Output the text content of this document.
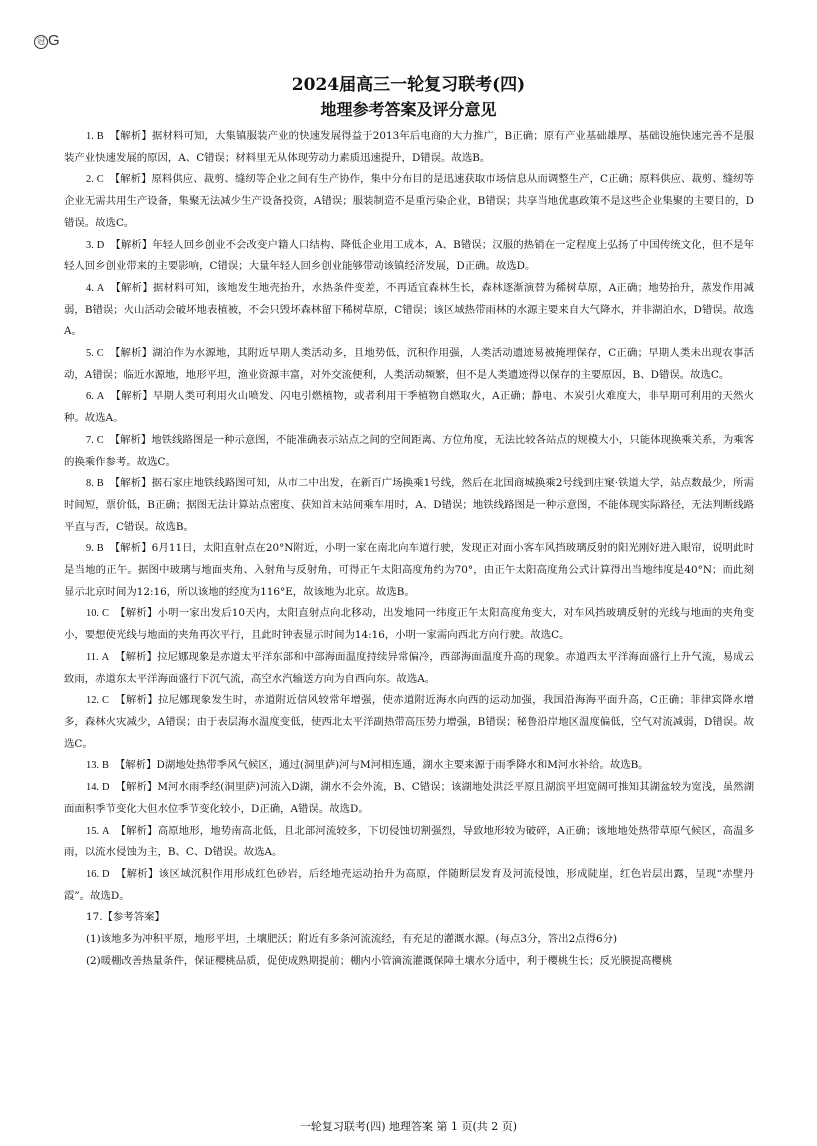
冠 G
2024届高三一轮复习联考(四)
地理参考答案及评分意见

1. B 【解析】据材料可知，大集镇服装产业的快速发展得益于2013年后电商的大力推广，B正确；原有产业基础雄厚、基础设施快速完善不是服装产业快速发展的原因，A、C错误；材料里无从体现劳动力素质迅速提升，D错误。故选B。

2. C 【解析】原料供应、裁剪、缝纫等企业之间有生产协作，集中分布目的是迅速获取市场信息从而调整生产，C正确；原料供应、裁剪、缝纫等企业无需共用生产设备，集聚无法减少生产设备投资，A错误；服装制造不是重污染企业，B错误；共享当地优惠政策不是这些企业集聚的主要目的，D错误。故选C。

3. D 【解析】年轻人回乡创业不会改变户籍人口结构、降低企业用工成本，A、B错误；汉服的热销在一定程度上弘扬了中国传统文化，但不是年轻人回乡创业带来的主要影响，C错误；大量年轻人回乡创业能够带动该镇经济发展，D正确。故选D。

4. A 【解析】据材料可知，该地发生地壳抬升，水热条件变差，不再适宜森林生长，森林逐渐演替为稀树草原，A正确；地势抬升，蒸发作用减弱，B错误；火山活动会破坏地表植被，不会只毁坏森林留下稀树草原，C错误；该区域热带雨林的水源主要来自大气降水，并非湖泊水，D错误。故选A。

5. C 【解析】湖泊作为水源地，其附近早期人类活动多，且地势低，沉积作用强，人类活动遗迹易被掩埋保存，C正确；早期人类未出现农事活动，A错误；临近水源地，地形平坦，渔业资源丰富，对外交流便利，人类活动频繁，但不是人类遗迹得以保存的主要原因，B、D错误。故选C。

6. A 【解析】早期人类可利用火山喷发、闪电引燃植物，或者利用干季植物自燃取火，A正确；静电、木炭引火难度大，非早期可利用的天然火种。故选A。

7. C 【解析】地铁线路图是一种示意图，不能准确表示站点之间的空间距离、方位角度，无法比较各站点的规模大小，只能体现换乘关系，为乘客的换乘作参考。故选C。

8. B 【解析】据石家庄地铁线路图可知，从市二中出发，在新百广场换乘1号线，然后在北国商城换乘2号线到庄窠·铁道大学，站点数最少，所需时间短，票价低，B正确；据图无法计算站点密度、获知首末站间乘车用时，A、D错误；地铁线路图是一种示意图，不能体现实际路径，无法判断线路平直与否，C错误。故选B。

9. B 【解析】6月11日，太阳直射点在20°N附近，小明一家在南北向车道行驶，发现正对面小客车风挡玻璃反射的阳光刚好进入眼帘，说明此时是当地的正午。据图中玻璃与地面夹角、入射角与反射角，可得正午太阳高度角约为70°，由正午太阳高度角公式计算得出当地纬度是40°N；而此刻显示北京时间为12:16，所以该地的经度为116°E，故该地为北京。故选B。

10. C 【解析】小明一家出发后10天内，太阳直射点向北移动，出发地同一纬度正午太阳高度角变大，对车风挡玻璃反射的光线与地面的夹角变小，要想使光线与地面的夹角再次平行，且此时钟表显示时间为14:16，小明一家需向西北方向行驶。故选C。

11. A 【解析】拉尼娜现象是赤道太平洋东部和中部海面温度持续异常偏冷，西部海面温度升高的现象。赤道西太平洋海面盛行上升气流，易成云致雨，赤道东太平洋海面盛行下沉气流，高空水汽输送方向为自西向东。故选A。

12. C 【解析】拉尼娜现象发生时，赤道附近信风较常年增强，使赤道附近海水向西的运动加强，我国沿海海平面升高，C正确；菲律宾降水增多，森林火灾减少，A错误；由于表层海水温度变低，使西北太平洋副热带高压势力增强，B错误；秘鲁沿岸地区温度偏低，空气对流减弱，D错误。故选C。

13. B 【解析】D湖地处热带季风气候区，通过(洞里萨)河与M河相连通，湖水主要来源于雨季降水和M河水补给。故选B。

14. D 【解析】M河水雨季经(洞里萨)河流入D湖，湖水不会外流，B、C错误；该湖地处洪泛平原且湖滨平坦宽阔可推知其湖盆较为宽浅，虽然湖面面积季节变化大但水位季节变化较小，D正确，A错误。故选D。

15. A 【解析】高原地形，地势南高北低，且北部河流较多，下切侵蚀切割强烈，导致地形较为破碎，A正确；该地地处热带草原气候区，高温多雨，以流水侵蚀为主，B、C、D错误。故选A。

16. D 【解析】该区域沉积作用形成红色砂岩，后经地壳运动抬升为高原，伴随断层发育及河流侵蚀，形成陡崖，红色岩层出露，呈现“赤壁丹霞”。故选D。

17.【参考答案】

(1)该地多为冲积平原，地形平坦，土壤肥沃；附近有多条河流流经，有充足的灌溉水源。(每点3分，答出2点得6分)

(2)暖棚改善热量条件，保证樱桃品质，促使成熟期提前；棚内小管滴流灌溉保障土壤水分适中，利于樱桃生长；反光膜提高樱桃

一轮复习联考(四) 地理答案 第 1 页(共 2 页)
